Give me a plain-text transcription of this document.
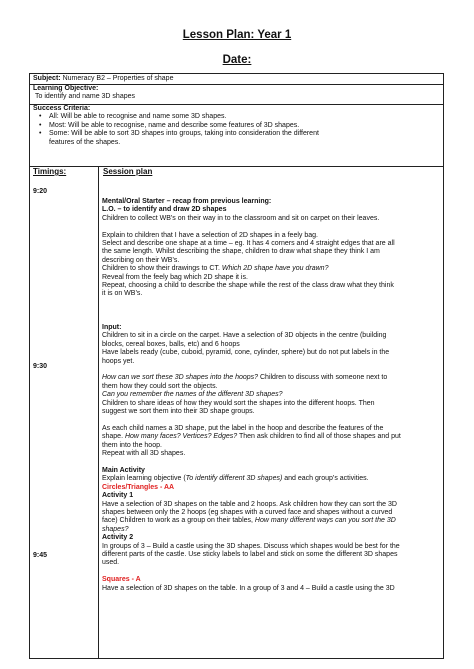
Lesson Plan: Year 1
Date:
Subject: Numeracy B2 – Properties of shape
Learning Objective:
To identify and name 3D shapes
Success Criteria:
• All: Will be able to recognise and name some 3D shapes.
• Most: Will be able to recognise, name and describe some features of 3D shapes.
• Some: Will be able to sort 3D shapes into groups, taking into consideration the different
features of the shapes.
Timings:	Session plan
9:20
9:30
9:45

Mental/Oral Starter – recap from previous learning:

L.O. – to identify and draw 2D shapes

Children to collect WB’s on their way in to the classroom and sit on carpet on their leaves.

Explain to children that I have a selection of 2D shapes in a feely bag.

Select and describe one shape at a time – eg. It has 4 corners and 4 straight edges that are all

the same length. Whilst describing the shape, children to draw what shape they think I am

describing on their WB’s.

Children to show their drawings to CT. Which 2D shape have you drawn?

Reveal from the feely bag which 2D shape it is.

Repeat, choosing a child to describe the shape while the rest of the class draw what they think

it is on WB’s.

Input:

Children to sit in a circle on the carpet. Have a selection of 3D objects in the centre (building

blocks, cereal boxes, balls, etc) and 6 hoops

Have labels ready (cube, cuboid, pyramid, cone, cylinder, sphere) but do not put labels in the

hoops yet.

How can we sort these 3D shapes into the hoops? Children to discuss with someone next to

them how they could sort the objects.

Can you remember the names of the different 3D shapes?

Children to share ideas of how they would sort the shapes into the different hoops. Then

suggest we sort them into their 3D shape groups.

As each child names a 3D shape, put the label in the hoop and describe the features of the

shape. How many faces? Vertices? Edges? Then ask children to find all of those shapes and put

them into the hoop.

Repeat with all 3D shapes.

Main Activity

Explain learning objective (To identify different 3D shapes) and each group’s activities.

Circles/Triangles - AA

Activity 1

Have a selection of 3D shapes on the table and 2 hoops. Ask children how they can sort the 3D

shapes between only the 2 hoops (eg shapes with a curved face and shapes without a curved

face) Children to work as a group on their tables, How many different ways can you sort the 3D

shapes?

Activity 2

In groups of 3 – Build a castle using the 3D shapes. Discuss which shapes would be best for the

different parts of the castle. Use sticky labels to label and stick on some the different 3D shapes

used.

Squares - A

Have a selection of 3D shapes on the table. In a group of 3 and 4 – Build a castle using the 3D
